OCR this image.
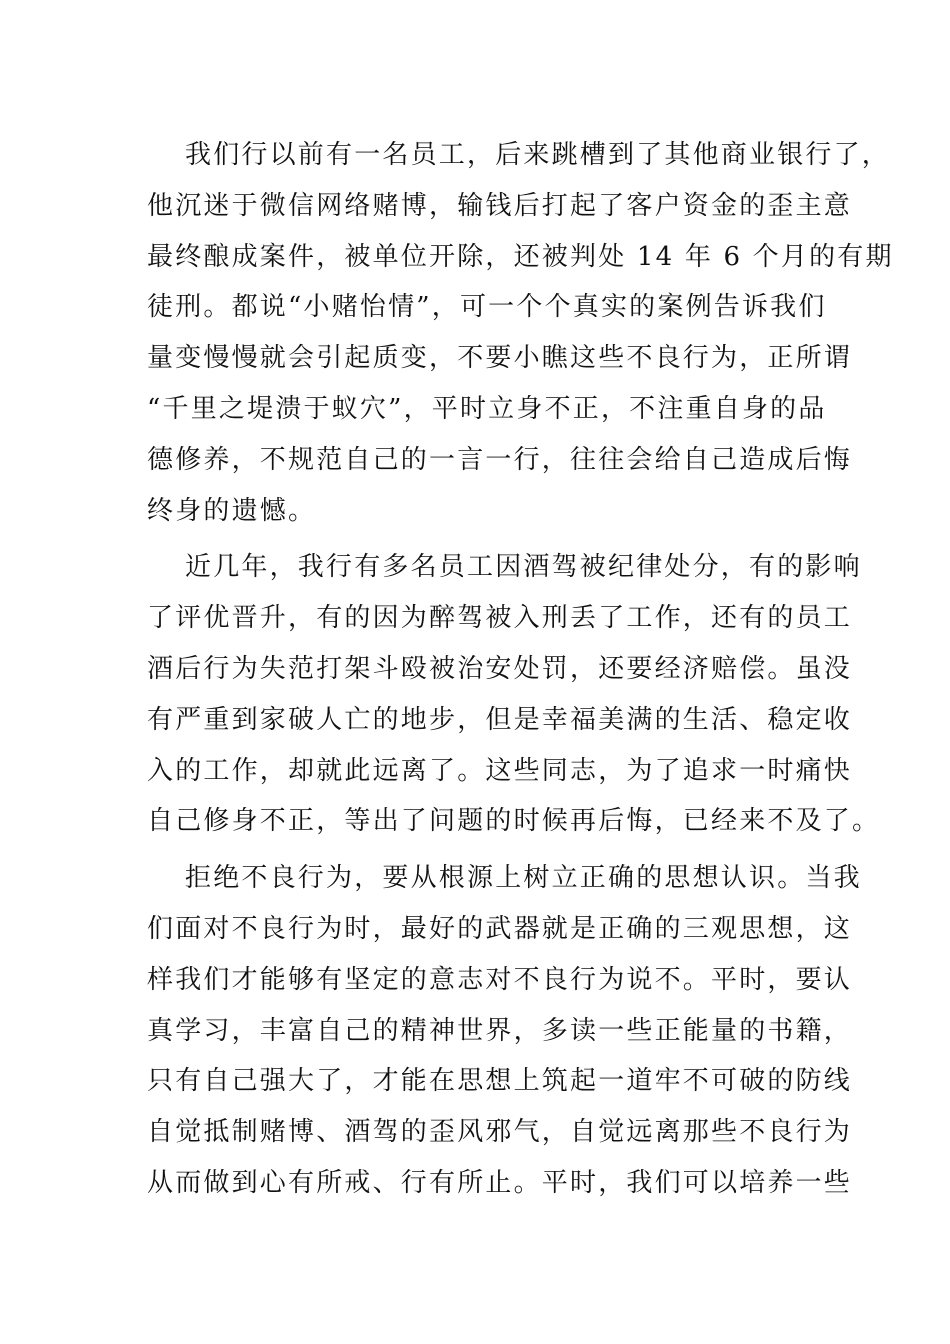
我们行以前有一名员工，后来跳槽到了其他商业银行了，
他沉迷于微信网络赌博，输钱后打起了客户资金的歪主意
最终酿成案件，被单位开除，还被判处 14 年 6 个月的有期
徒刑。都说“小赌怡情”，可一个个真实的案例告诉我们
量变慢慢就会引起质变，不要小瞧这些不良行为，正所谓
“千里之堤溃于蚁穴”，平时立身不正，不注重自身的品
德修养，不规范自己的一言一行，往往会给自己造成后悔
终身的遗憾。
近几年，我行有多名员工因酒驾被纪律处分，有的影响
了评优晋升，有的因为醉驾被入刑丢了工作，还有的员工
酒后行为失范打架斗殴被治安处罚，还要经济赔偿。虽没
有严重到家破人亡的地步，但是幸福美满的生活、稳定收
入的工作，却就此远离了。这些同志，为了追求一时痛快
自己修身不正，等出了问题的时候再后悔，已经来不及了。
拒绝不良行为，要从根源上树立正确的思想认识。当我
们面对不良行为时，最好的武器就是正确的三观思想，这
样我们才能够有坚定的意志对不良行为说不。平时，要认
真学习，丰富自己的精神世界，多读一些正能量的书籍，
只有自己强大了，才能在思想上筑起一道牢不可破的防线
自觉抵制赌博、酒驾的歪风邪气，自觉远离那些不良行为
从而做到心有所戒、行有所止。平时，我们可以培养一些
